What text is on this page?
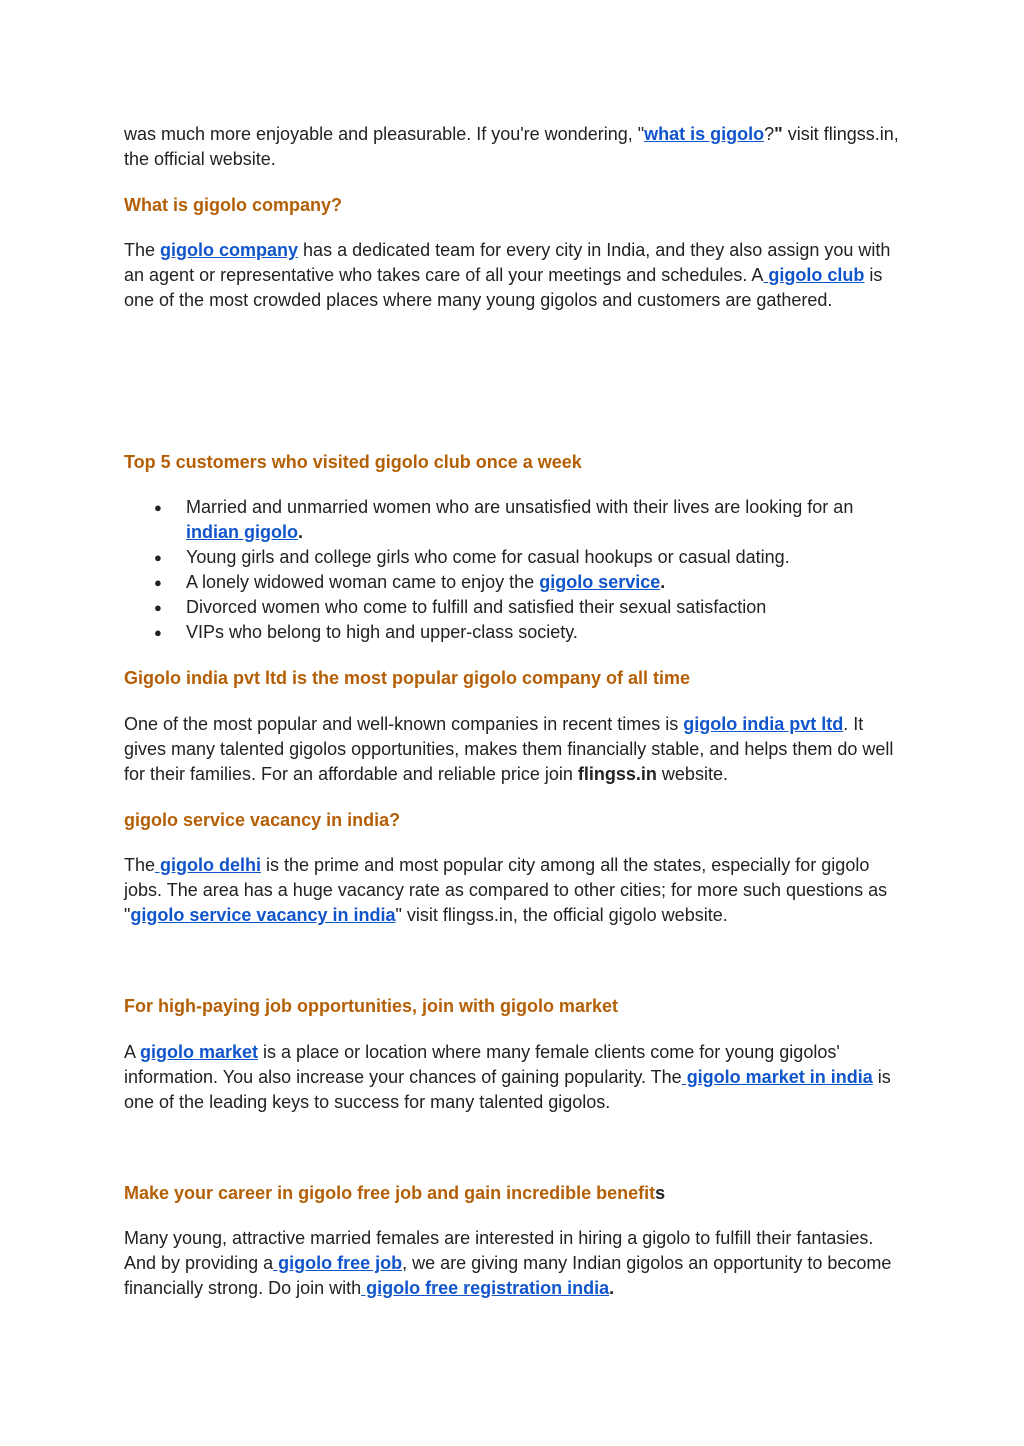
was much more enjoyable and pleasurable. If you're wondering, "what is gigolo?" visit flingss.in, the official website.

What is gigolo company?

The gigolo company has a dedicated team for every city in India, and they also assign you with an agent or representative who takes care of all your meetings and schedules. A gigolo club is one of the most crowded places where many young gigolos and customers are gathered.

Top 5 customers who visited gigolo club once a week
● Married and unmarried women who are unsatisfied with their lives are looking for an indian gigolo.
● Young girls and college girls who come for casual hookups or casual dating.
● A lonely widowed woman came to enjoy the gigolo service.
● Divorced women who come to fulfill and satisfied their sexual satisfaction
● VIPs who belong to high and upper-class society.
Gigolo india pvt ltd is the most popular gigolo company of all time

One of the most popular and well-known companies in recent times is gigolo india pvt ltd. It gives many talented gigolos opportunities, makes them financially stable, and helps them do well for their families. For an affordable and reliable price join flingss.in website.

gigolo service vacancy in india?

The gigolo delhi is the prime and most popular city among all the states, especially for gigolo jobs. The area has a huge vacancy rate as compared to other cities; for more such questions as "gigolo service vacancy in india" visit flingss.in, the official gigolo website.

For high-paying job opportunities, join with gigolo market

A gigolo market is a place or location where many female clients come for young gigolos' information. You also increase your chances of gaining popularity. The gigolo market in india is one of the leading keys to success for many talented gigolos.

Make your career in gigolo free job and gain incredible benefits

Many young, attractive married females are interested in hiring a gigolo to fulfill their fantasies. And by providing a gigolo free job, we are giving many Indian gigolos an opportunity to become financially strong. Do join with gigolo free registration india.
